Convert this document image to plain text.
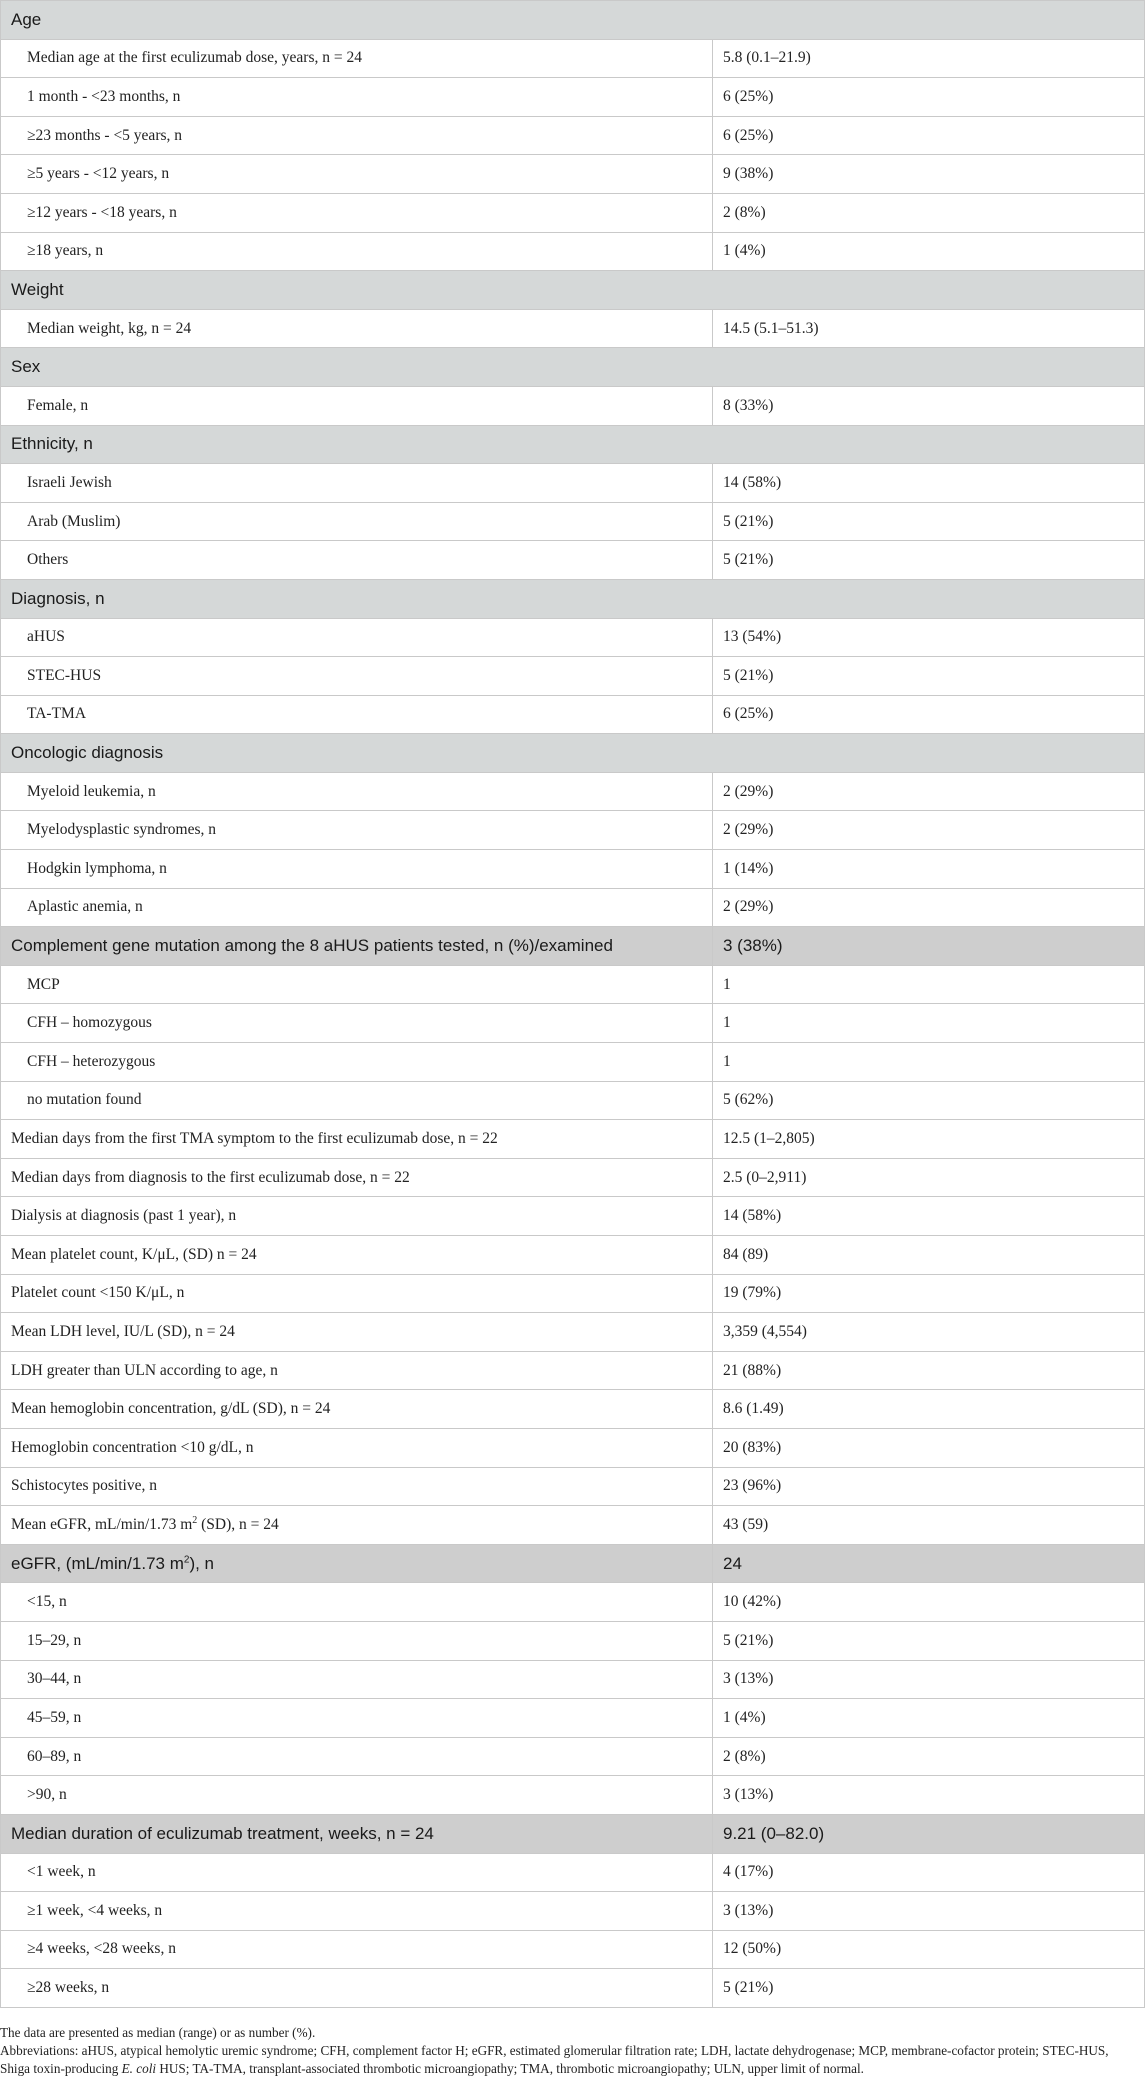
Age	
Median age at the first eculizumab dose, years, n = 24	5.8 (0.1–21.9)
1 month - <23 months, n	6 (25%)
≥23 months - <5 years, n	6 (25%)
≥5 years - <12 years, n	9 (38%)
≥12 years - <18 years, n	2 (8%)
≥18 years, n	1 (4%)
Weight	
Median weight, kg, n = 24	14.5 (5.1–51.3)
Sex	
Female, n	8 (33%)
Ethnicity, n	
Israeli Jewish	14 (58%)
Arab (Muslim)	5 (21%)
Others	5 (21%)
Diagnosis, n	
aHUS	13 (54%)
STEC-HUS	5 (21%)
TA-TMA	6 (25%)
Oncologic diagnosis	
Myeloid leukemia, n	2 (29%)
Myelodysplastic syndromes, n	2 (29%)
Hodgkin lymphoma, n	1 (14%)
Aplastic anemia, n	2 (29%)
Complement gene mutation among the 8 aHUS patients tested, n (%)/examined	3 (38%)
MCP	1
CFH – homozygous	1
CFH – heterozygous	1
no mutation found	5 (62%)
Median days from the first TMA symptom to the first eculizumab dose, n = 22	12.5 (1–2,805)
Median days from diagnosis to the first eculizumab dose, n = 22	2.5 (0–2,911)
Dialysis at diagnosis (past 1 year), n	14 (58%)
Mean platelet count, K/μL, (SD) n = 24	84 (89)
Platelet count <150 K/μL, n	19 (79%)
Mean LDH level, IU/L (SD), n = 24	3,359 (4,554)
LDH greater than ULN according to age, n	21 (88%)
Mean hemoglobin concentration, g/dL (SD), n = 24	8.6 (1.49)
Hemoglobin concentration <10 g/dL, n	20 (83%)
Schistocytes positive, n	23 (96%)
Mean eGFR, mL/min/1.73 $m^2$ (SD), n = 24	43 (59)
eGFR, (mL/min/1.73 $m^2$), n	24
<15, n	10 (42%)
15–29, n	5 (21%)
30–44, n	3 (13%)
45–59, n	1 (4%)
60–89, n	2 (8%)
>90, n	3 (13%)
Median duration of eculizumab treatment, weeks, n = 24	9.21 (0–82.0)
<1 week, n	4 (17%)
≥1 week, <4 weeks, n	3 (13%)
≥4 weeks, <28 weeks, n	12 (50%)
≥28 weeks, n	5 (21%)

The data are presented as median (range) or as number (%).

Abbreviations: aHUS, atypical hemolytic uremic syndrome; CFH, complement factor H; eGFR, estimated glomerular filtration rate; LDH, lactate dehydrogenase; MCP, membrane-cofactor protein; STEC-HUS, Shiga toxin-producing E. coli HUS; TA-TMA, transplant-associated thrombotic microangiopathy; TMA, thrombotic microangiopathy; ULN, upper limit of normal.
